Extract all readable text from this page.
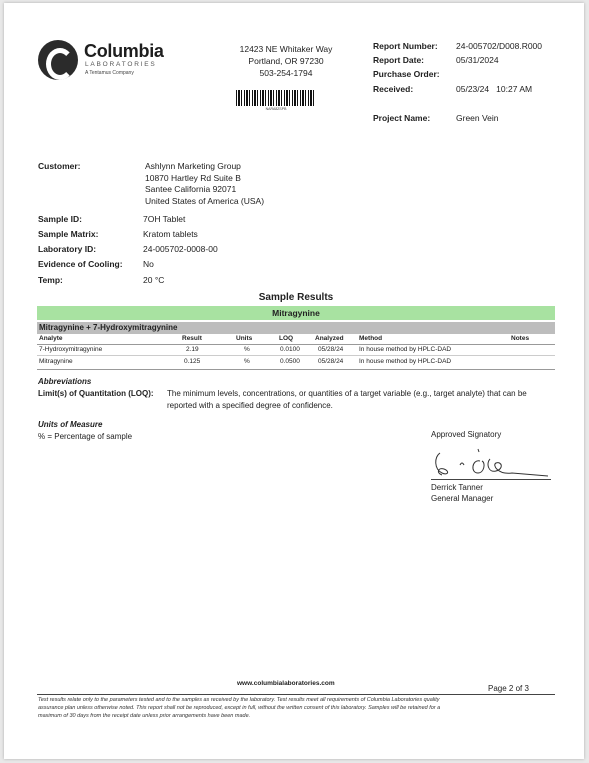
Columbia
LABORATORIES
A Tentamus Company
12423 NE Whitaker Way
Portland, OR 97230
503-254-1794
NARA8ZSPB
Report Number: 24-005702/D008.R000
Report Date:	05/31/2024
Purchase Order:
Received:	05/23/24   10:27 AM
Project Name:	Green Vein
Customer:	Ashlynn Marketing Group
10870 Hartley Rd Suite B
Santee California 92071
United States of America (USA)
Sample ID:	7OH Tablet
Sample Matrix:	Kratom tablets
Laboratory ID:	24-005702-0008-00
Evidence of Cooling: No
Temp:	20 °C
Sample Results
Mitragynine
Mitragynine + 7-Hydroxymitragynine
Analyte	Result	Units	LOQ	Analyzed Method	Notes
7-Hydroxymitragynine	2.19	%	0.0100	05/28/24 In house method by HPLC-DAD
Mitragynine	0.125	%	0.0500	05/28/24 In house method by HPLC-DAD
Abbreviations
Limit(s) of Quantitation (LOQ): The minimum levels, concentrations, or quantities of a target variable (e.g., target analyte) that can be
reported with a specified degree of confidence.
Units of Measure
% = Percentage of sample	Approved Signatory
Derrick Tanner
General Manager
www.columbialaboratories.com
Page 2 of 3
Test results relate only to the parameters tested and to the samples as received by the laboratory. Test results meet all requirements of Columbia Laboratories quality
assurance plan unless otherwise noted. This report shall not be reproduced, except in full, without the written consent of this laboratory. Samples will be retained for a
maximum of 30 days from the receipt date unless prior arrangements have been made.
